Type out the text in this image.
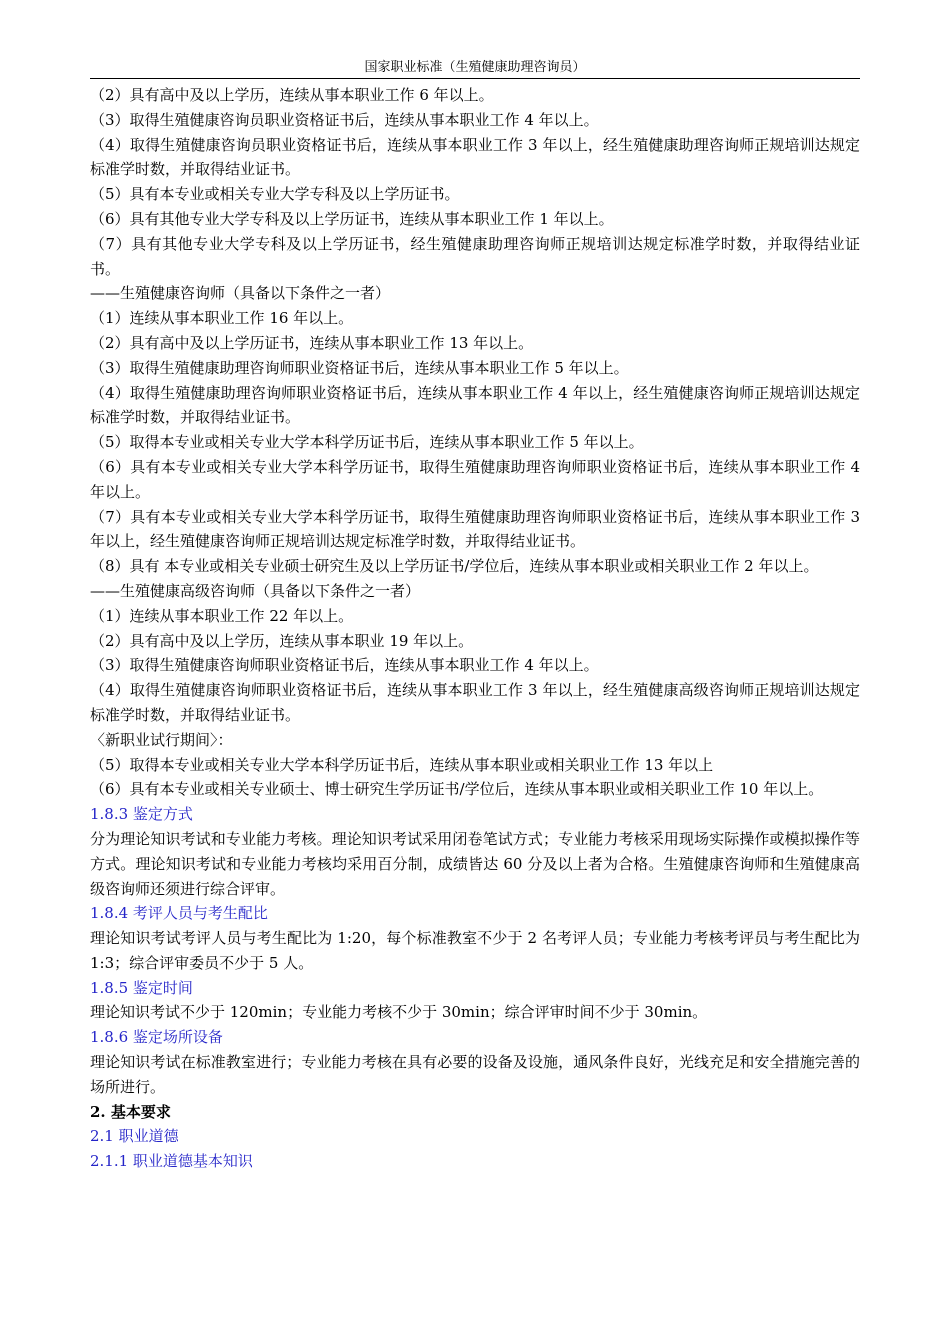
国家职业标准（生殖健康助理咨询员）

（2）具有高中及以上学历，连续从事本职业工作 6 年以上。

（3）取得生殖健康咨询员职业资格证书后，连续从事本职业工作 4 年以上。

（4）取得生殖健康咨询员职业资格证书后，连续从事本职业工作 3 年以上，经生殖健康助理咨询师正规培训达规定标准学时数，并取得结业证书。

（5）具有本专业或相关专业大学专科及以上学历证书。

（6）具有其他专业大学专科及以上学历证书，连续从事本职业工作 1 年以上。

（7）具有其他专业大学专科及以上学历证书，经生殖健康助理咨询师正规培训达规定标准学时数，并取得结业证书。

——生殖健康咨询师（具备以下条件之一者）

（1）连续从事本职业工作 16 年以上。

（2）具有高中及以上学历证书，连续从事本职业工作 13 年以上。

（3）取得生殖健康助理咨询师职业资格证书后，连续从事本职业工作 5 年以上。

（4）取得生殖健康助理咨询师职业资格证书后，连续从事本职业工作 4 年以上，经生殖健康咨询师正规培训达规定标准学时数，并取得结业证书。

（5）取得本专业或相关专业大学本科学历证书后，连续从事本职业工作 5 年以上。

（6）具有本专业或相关专业大学本科学历证书，取得生殖健康助理咨询师职业资格证书后，连续从事本职业工作 4 年以上。

（7）具有本专业或相关专业大学本科学历证书，取得生殖健康助理咨询师职业资格证书后，连续从事本职业工作 3 年以上，经生殖健康咨询师正规培训达规定标准学时数，并取得结业证书。

（8）具有 本专业或相关专业硕士研究生及以上学历证书/学位后，连续从事本职业或相关职业工作 2 年以上。

——生殖健康高级咨询师（具备以下条件之一者）

（1）连续从事本职业工作 22 年以上。

（2）具有高中及以上学历，连续从事本职业 19 年以上。

（3）取得生殖健康咨询师职业资格证书后，连续从事本职业工作 4 年以上。

（4）取得生殖健康咨询师职业资格证书后，连续从事本职业工作 3 年以上，经生殖健康高级咨询师正规培训达规定标准学时数，并取得结业证书。

〈新职业试行期间〉：

（5）取得本专业或相关专业大学本科学历证书后，连续从事本职业或相关职业工作 13 年以上

（6）具有本专业或相关专业硕士、博士研究生学历证书/学位后，连续从事本职业或相关职业工作 10 年以上。

1.8.3 鉴定方式

分为理论知识考试和专业能力考核。理论知识考试采用闭卷笔试方式；专业能力考核采用现场实际操作或模拟操作等方式。理论知识考试和专业能力考核均采用百分制，成绩皆达 60 分及以上者为合格。生殖健康咨询师和生殖健康高级咨询师还须进行综合评审。

1.8.4 考评人员与考生配比

理论知识考试考评人员与考生配比为 1:20，每个标准教室不少于 2 名考评人员；专业能力考核考评员与考生配比为 1:3；综合评审委员不少于 5 人。

1.8.5 鉴定时间

理论知识考试不少于 120min；专业能力考核不少于 30min；综合评审时间不少于 30min。

1.8.6 鉴定场所设备

理论知识考试在标准教室进行；专业能力考核在具有必要的设备及设施，通风条件良好，光线充足和安全措施完善的场所进行。

2. 基本要求

2.1 职业道德

2.1.1 职业道德基本知识
